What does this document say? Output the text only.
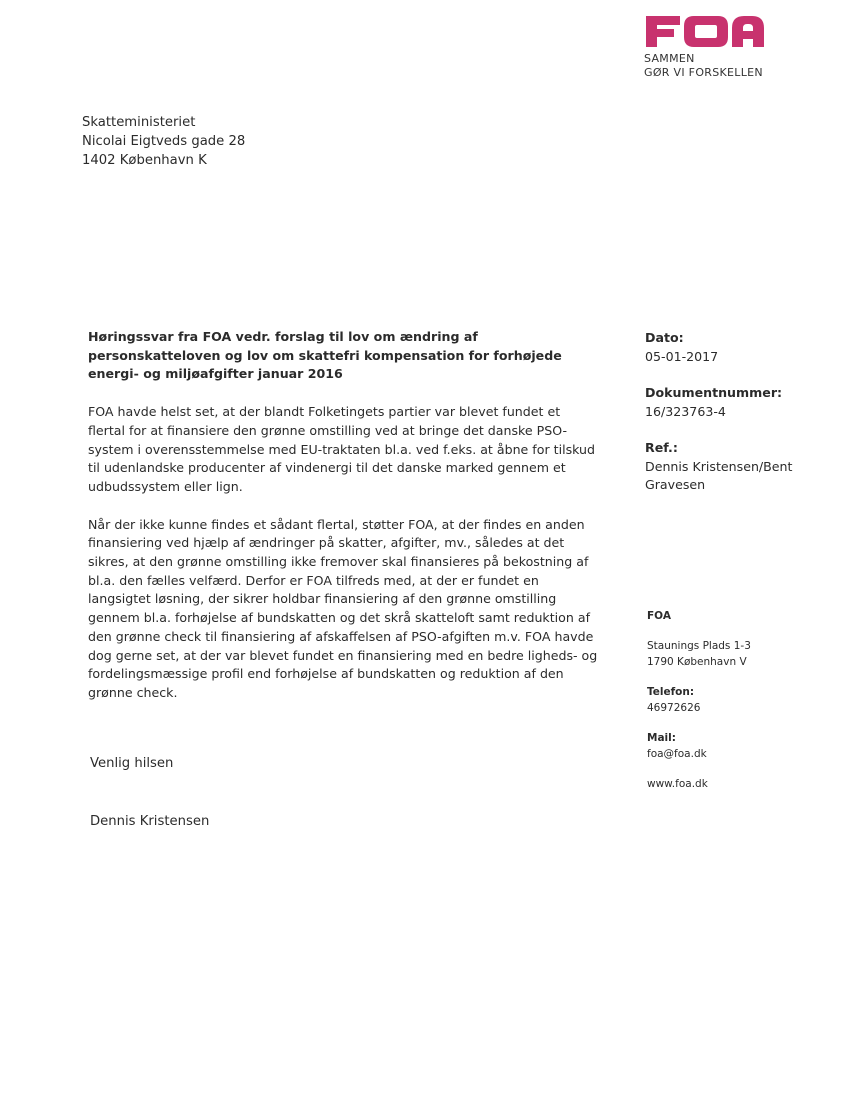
SAMMEN
GØR VI FORSKELLEN
Skatteministeriet
Nicolai Eigtveds gade 28
1402 København K
Høringssvar fra FOA vedr. forslag til lov om ændring af personskatteloven og lov om skattefri kompensation for forhøjede energi- og miljøafgifter januar 2016

FOA havde helst set, at der blandt Folketingets partier var blevet fundet et flertal for at finansiere den grønne omstilling ved at bringe det danske PSO-system i overensstemmelse med EU-traktaten bl.a. ved f.eks. at åbne for tilskud til udenlandske producenter af vindenergi til det danske marked gennem et udbudssystem eller lign.

Når der ikke kunne findes et sådant flertal, støtter FOA, at der findes en anden finansiering ved hjælp af ændringer på skatter, afgifter, mv., således at det sikres, at den grønne omstilling ikke fremover skal finansieres på bekostning af bl.a. den fælles velfærd. Derfor er FOA tilfreds med, at der er fundet en langsigtet løsning, der sikrer holdbar finansiering af den grønne omstilling gennem bl.a. forhøjelse af bundskatten og det skrå skatteloft samt reduktion af den grønne check til finansiering af afskaffelsen af PSO-afgiften m.v. FOA havde dog gerne set, at der var blevet fundet en finansiering med en bedre ligheds- og fordelingsmæssige profil end forhøjelse af bundskatten og reduktion af den grønne check.

Venlig hilsen
Dennis Kristensen
Dato:
05-01-2017
Dokumentnummer:
16/323763-4
Ref.:
Dennis Kristensen/Bent Gravesen
FOA
Staunings Plads 1-3
1790 København V
Telefon:
46972626
Mail:
foa@foa.dk
www.foa.dk
